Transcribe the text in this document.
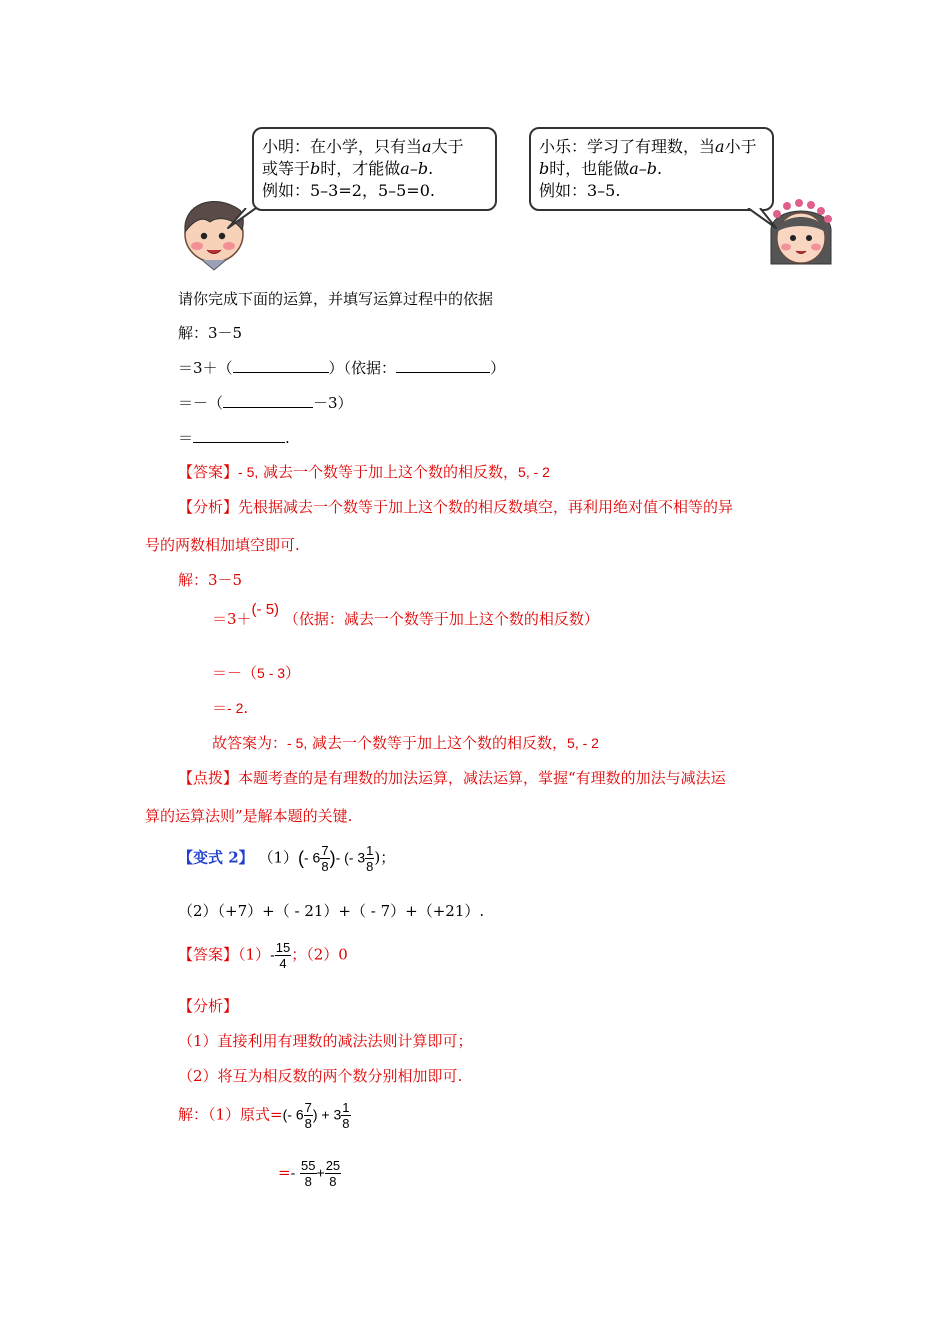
小明：在小学，只有当a大于
或等于b时，才能做a–b.
例如：5–3=2，5–5=0.
小乐：学习了有理数，当a小于
b时，也能做a–b.
例如：3–5.
请你完成下面的运算，并填写运算过程中的依据
解：3－5
＝3＋（	）（依据：	）
＝－（	－3）
＝	.
【答案】- 5, 减去一个数等于加上这个数的相反数，5, - 2
【分析】先根据减去一个数等于加上这个数的相反数填空，再利用绝对值不相等的异
号的两数相加填空即可.
解：3－5
＝3＋(- 5) （依据：减去一个数等于加上这个数的相反数）
＝－（5 - 3）
＝- 2.
故答案为：- 5, 减去一个数等于加上这个数的相反数，5, - 2
【点拨】本题考查的是有理数的加法运算，减法运算，掌握“有理数的加法与减法运
算的运算法则”是解本题的关键.
【变式 2】 （1）(- $6 \frac{7}{8}$ )- (- $3 \frac{1}{8}$ )；
（2）（+7）+（ - 21）+（ - 7）+（+21）.
【答案】$(1)- \frac{15}{4}$ ；（2）0
【分析】
（1）直接利用有理数的减法法则计算即可；
（2）将互为相反数的两个数分别相加即可.
解：（1）原式=(- $6 \frac{7}{8}$ ) + $3 \frac{1}{8}$
=- $\frac{55}{8} + \frac{25}{8}$
